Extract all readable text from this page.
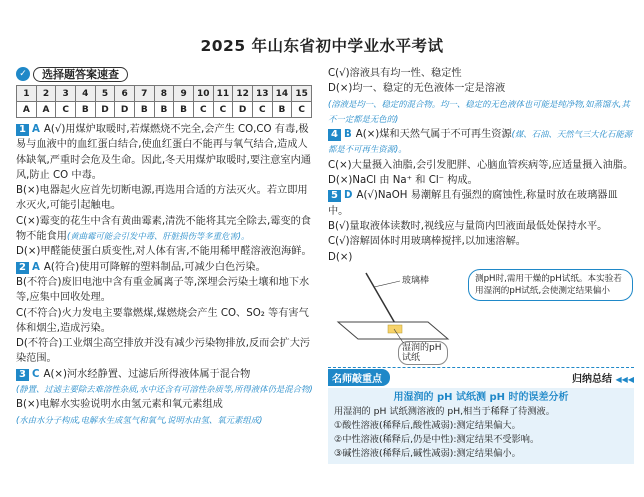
2025 年山东省初中学业水平考试
✓	选择题答案速查
1	2	3	4	5	6	7	8	9	10	11	12	13	14	15
A	A	C	B	D	D	B	B	B	C	C	D	C	B	C

1 A A(√)用煤炉取暖时,若煤燃烧不完全,会产生 CO,CO 有毒,极易与血液中的血红蛋白结合,使血红蛋白不能再与氧气结合,造成人体缺氧,严重时会危及生命。因此,冬天用煤炉取暖时,要注意室内通风,防止 CO 中毒。

B(×)电器起火应首先切断电源,再选用合适的方法灭火。若立即用水灭火,可能引起触电。

C(×)霉变的花生中含有黄曲霉素,清洗不能将其完全除去,霉变的食物不能食用(黄曲霉可能会引发中毒、肝脏损伤等多重危害)。

D(×)甲醛能使蛋白质变性,对人体有害,不能用稀甲醛溶液泡海鲜。

2 A A(符合)使用可降解的塑料制品,可减少白色污染。

B(不符合)废旧电池中含有重金属离子等,深埋会污染土壤和地下水等,应集中回收处理。

C(不符合)火力发电主要靠燃煤,煤燃烧会产生 CO、SO₂ 等有害气体和烟尘,造成污染。

D(不符合)工业烟尘高空排放并没有减少污染物排放,反而会扩大污染范围。

3 C A(×)河水经静置、过滤后所得液体属于混合物

(静置、过滤主要除去难溶性杂质,水中还含有可溶性杂质等,所得液体仍是混合物)

B(×)电解水实验说明水由氢元素和氧元素组成

(水由水分子构成,电解水生成氢气和氧气,说明水由氢、氧元素组成)

C(√)溶液具有均一性、稳定性

D(×)均一、稳定的无色液体一定是溶液

(溶液是均一、稳定的混合物。均一、稳定的无色液体也可能是纯净物,如蒸馏水,其不一定都是无色的)

4 B A(×)煤和天然气属于不可再生资源(煤、石油、天然气三大化石能源都是不可再生资源)。

C(×)大量摄入油脂,会引发肥胖、心脑血管疾病等,应适量摄入油脂。

D(×)NaCl 由 Na⁺ 和 Cl⁻ 构成。

5 D A(√)NaOH 易潮解且有强烈的腐蚀性,称量时放在玻璃器皿中。

B(√)量取液体读数时,视线应与量筒内凹液面最低处保持水平。

C(√)溶解固体时用玻璃棒搅拌,以加速溶解。

D(×)

玻璃棒
湿润的pH试纸
测pH时,需用干燥的pH试纸。本实验若用湿润的pH试纸,会使测定结果偏小
名师敲重点	归纳总结 ◀◀◀
用湿润的 pH 试纸测 pH 时的误差分析
用湿润的 pH 试纸测溶液的 pH,相当于稀释了待测液。
①酸性溶液(稀释后,酸性减弱):测定结果偏大。
②中性溶液(稀释后,仍是中性):测定结果不受影响。
③碱性溶液(稀释后,碱性减弱):测定结果偏小。
